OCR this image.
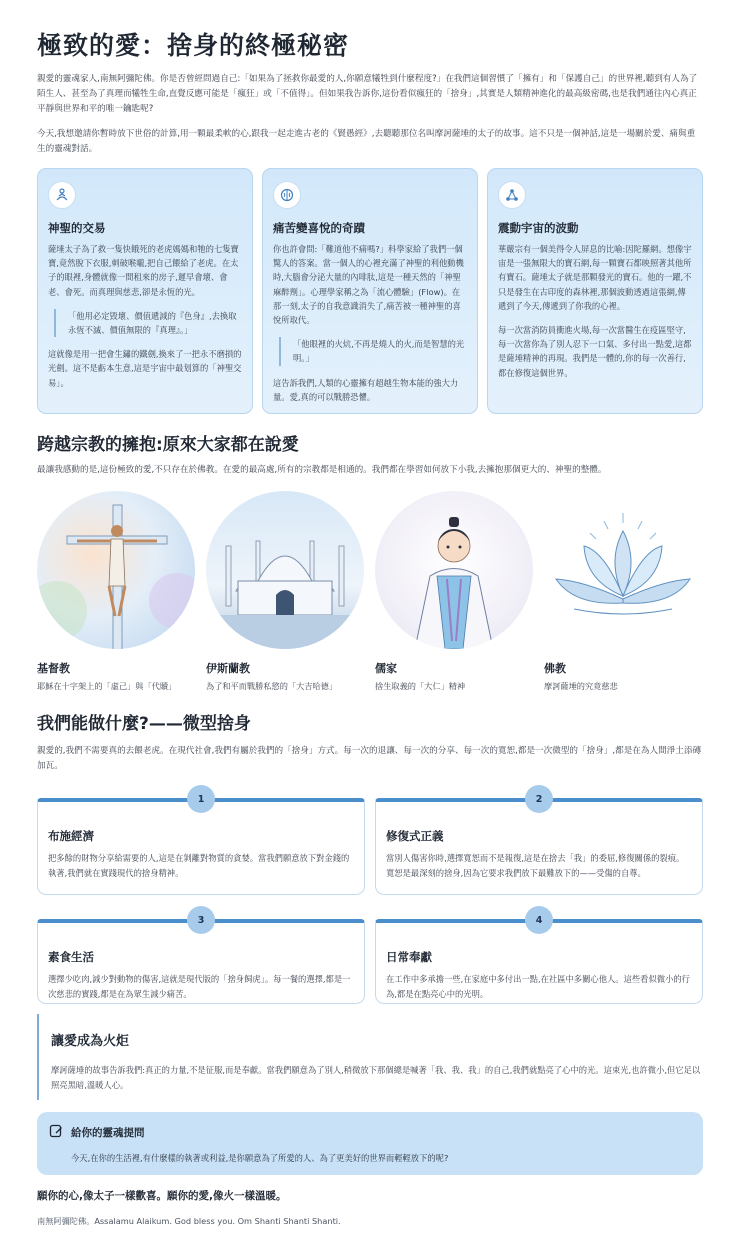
極致的愛：捨身的終極秘密

親愛的靈魂家人,南無阿彌陀佛。你是否曾經問過自己:「如果為了拯救你最愛的人,你願意犧牲到什麼程度?」在我們這個習慣了「擁有」和「保護自己」的世界裡,聽到有人為了陌生人、甚至為了真理而犧牲生命,直覺反應可能是「瘋狂」或「不值得」。但如果我告訴你,這份看似瘋狂的「捨身」,其實是人類精神進化的最高級密碼,也是我們通往內心真正平靜與世界和平的唯一鑰匙呢?

今天,我想邀請你暫時放下世俗的計算,用一顆最柔軟的心,跟我一起走進古老的《賢愚經》,去聽聽那位名叫摩訶薩埵的太子的故事。這不只是一個神話,這是一場關於愛、痛與重生的靈魂對話。

神聖的交易

薩埵太子為了救一隻快餓死的老虎媽媽和牠的七隻寶寶,竟然脫下衣服,刺破喉嚨,把自己餵給了老虎。在太子的眼裡,身體就像一間租來的房子,遲早會壞、會老、會死。而真理與慈悲,卻是永恆的光。

「他用必定毀壞、價值遞減的『色身』,去換取永恆不滅、價值無限的『真理』。」

這就像是用一把會生鏽的鐵劍,換來了一把永不磨損的光劍。這不是虧本生意,這是宇宙中最划算的「神聖交易」。

痛苦變喜悅的奇蹟

你也許會問:「難道他不痛嗎?」科學家給了我們一個驚人的答案。當一個人的心裡充滿了神聖的利他動機時,大腦會分泌大量的內啡肽,這是一種天然的「神聖麻醉劑」。心理學家稱之為「流心體驗」(Flow)。在那一刻,太子的自我意識消失了,痛苦被一種神聖的喜悅所取代。

「他眼裡的火炕,不再是燒人的火,而是智慧的光明。」

這告訴我們,人類的心靈擁有超越生物本能的強大力量。愛,真的可以戰勝恐懼。

震動宇宙的波動

華嚴宗有一個美得令人屏息的比喻:因陀羅網。想像宇宙是一張無限大的寶石網,每一顆寶石都映照著其他所有寶石。薩埵太子就是那顆發光的寶石。他的一躍,不只是發生在古印度的森林裡,那個波動透過這張網,傳遞到了今天,傳遞到了你我的心裡。

每一次當消防員衝進火場,每一次當醫生在疫區堅守,每一次當你為了別人忍下一口氣、多付出一點愛,這都是薩埵精神的再現。我們是一體的,你的每一次善行,都在修復這個世界。

跨越宗教的擁抱:原來大家都在說愛

最讓我感動的是,這份極致的愛,不只存在於佛教。在愛的最高處,所有的宗教都是相通的。我們都在學習如何放下小我,去擁抱那個更大的、神聖的整體。

基督教
耶穌在十字架上的「虛己」與「代贖」
伊斯蘭教
為了和平而戰勝私慾的「大吉哈德」
儒家
捨生取義的「大仁」精神
佛教
摩訶薩埵的究竟慈悲
我們能做什麼?——微型捨身

親愛的,我們不需要真的去餵老虎。在現代社會,我們有屬於我們的「捨身」方式。每一次的退讓、每一次的分享、每一次的寬恕,都是一次微型的「捨身」,都是在為人間淨土添磚加瓦。

1
布施經濟

把多餘的財物分享給需要的人,這是在剝離對物質的貪婪。當我們願意放下對金錢的執著,我們就在實踐現代的捨身精神。

2
修復式正義

當別人傷害你時,選擇寬恕而不是報復,這是在捨去「我」的委屈,修復關係的裂痕。寬恕是最深刻的捨身,因為它要求我們放下最難放下的——受傷的自尊。

3
素食生活

選擇少吃肉,減少對動物的傷害,這就是現代版的「捨身飼虎」。每一餐的選擇,都是一次慈悲的實踐,都是在為眾生減少痛苦。

4
日常奉獻

在工作中多承擔一些,在家庭中多付出一點,在社區中多關心他人。這些看似微小的行為,都是在點亮心中的光明。

讓愛成為火炬

摩訶薩埵的故事告訴我們:真正的力量,不是征服,而是奉獻。當我們願意為了別人,稍微放下那個總是喊著「我、我、我」的自己,我們就點亮了心中的光。這束光,也許微小,但它足以照亮黑暗,溫暖人心。

給你的靈魂提問

今天,在你的生活裡,有什麼樣的執著或利益,是你願意為了所愛的人、為了更美好的世界而輕輕放下的呢?

願你的心,像太子一樣歡喜。願你的愛,像火一樣溫暖。
南無阿彌陀佛。Assalamu Alaikum. God bless you. Om Shanti Shanti Shanti.
